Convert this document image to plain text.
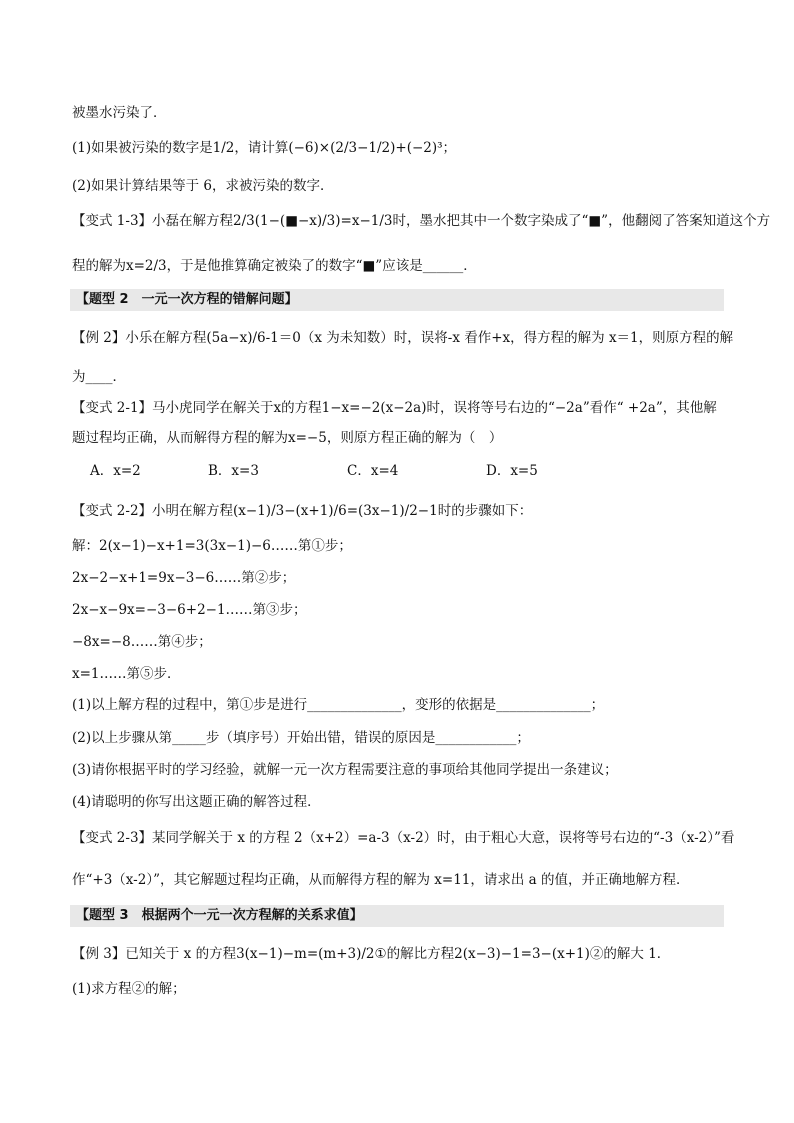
被墨水污染了．
(1)如果被污染的数字是1/2，请计算(−6)×(2/3−1/2)+(−2)³；
(2)如果计算结果等于 6，求被污染的数字．
【变式 1-3】小磊在解方程2/3(1−(■−x)/3)=x−1/3时，墨水把其中一个数字染成了“■”，他翻阅了答案知道这个方
程的解为x=2/3，于是他推算确定被染了的数字“■”应该是______．
【题型 2　一元一次方程的错解问题】
【例 2】小乐在解方程(5a−x)/6-1＝0（x 为未知数）时，误将-x 看作+x，得方程的解为 x＝1，则原方程的解
为____．
【变式 2-1】马小虎同学在解关于x的方程1−x=−2(x−2a)时，误将等号右边的“−2a”看作“ +2a”，其他解
题过程均正确，从而解得方程的解为x=−5，则原方程正确的解为（　）
A．x=2	B．x=3	C．x=4	D．x=5
【变式 2-2】小明在解方程(x−1)/3−(x+1)/6=(3x−1)/2−1时的步骤如下：
解：2(x−1)−x+1=3(3x−1)−6……第①步；
2x−2−x+1=9x−3−6……第②步；
2x−x−9x=−3−6+2−1……第③步；
−8x=−8……第④步；
x=1……第⑤步．
(1)以上解方程的过程中，第①步是进行______________，变形的依据是______________；
(2)以上步骤从第_____步（填序号）开始出错，错误的原因是____________；
(3)请你根据平时的学习经验，就解一元一次方程需要注意的事项给其他同学提出一条建议；
(4)请聪明的你写出这题正确的解答过程．
【变式 2-3】某同学解关于 x 的方程 2（x+2）=a-3（x-2）时，由于粗心大意，误将等号右边的“-3（x-2）”看
作“+3（x-2）”，其它解题过程均正确，从而解得方程的解为 x=11，请求出 a 的值，并正确地解方程．
【题型 3　根据两个一元一次方程解的关系求值】
【例 3】已知关于 x 的方程3(x−1)−m=(m+3)/2①的解比方程2(x−3)−1=3−(x+1)②的解大 1．
(1)求方程②的解；
